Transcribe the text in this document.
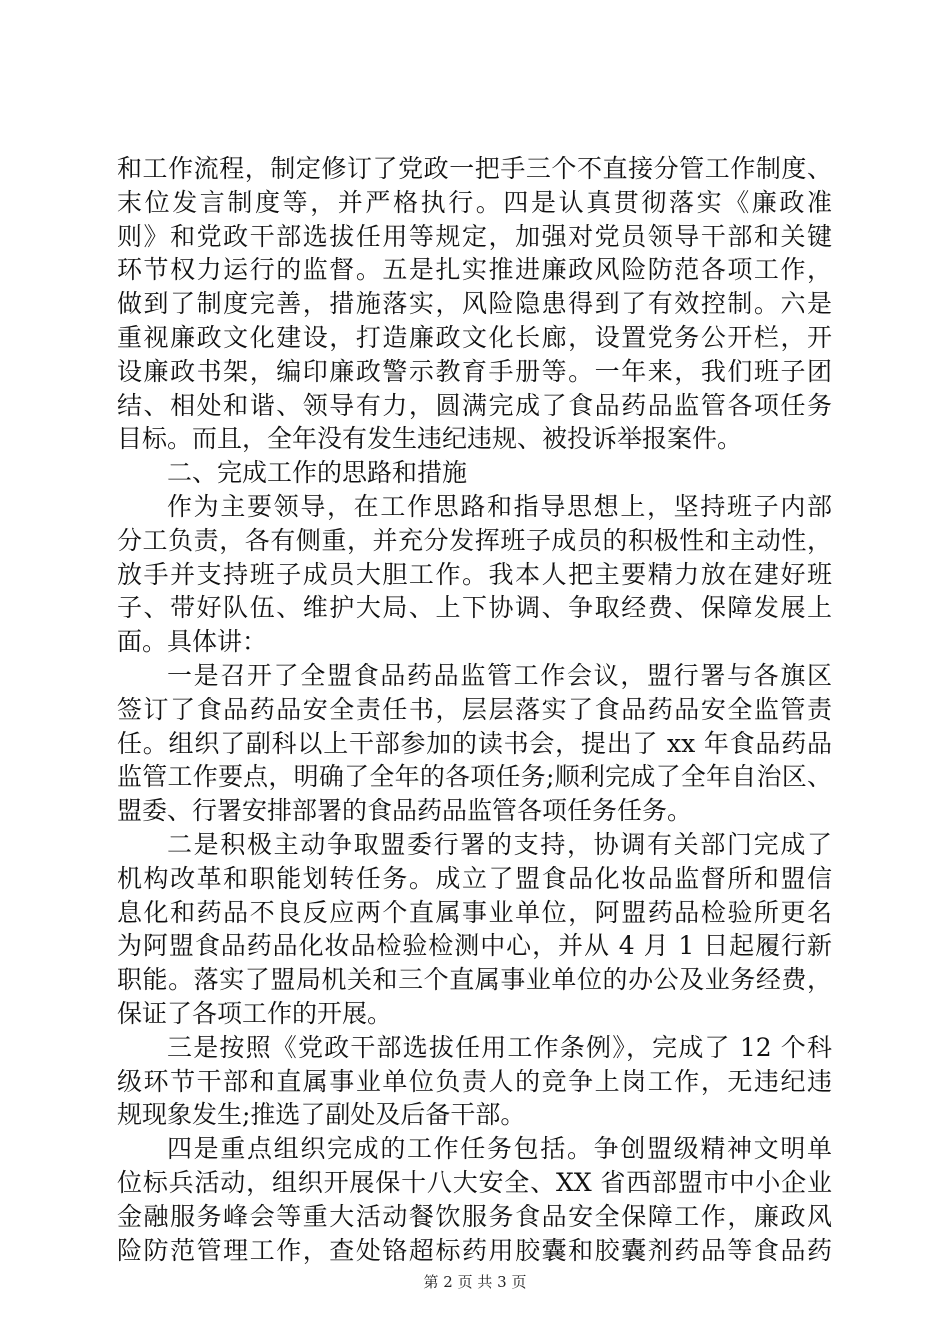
和工作流程，制定修订了党政一把手三个不直接分管工作制度、
末位发言制度等，并严格执行。四是认真贯彻落实《廉政准
则》和党政干部选拔任用等规定，加强对党员领导干部和关键
环节权力运行的监督。五是扎实推进廉政风险防范各项工作，
做到了制度完善，措施落实，风险隐患得到了有效控制。六是
重视廉政文化建设，打造廉政文化长廊，设置党务公开栏，开
设廉政书架，编印廉政警示教育手册等。一年来，我们班子团
结、相处和谐、领导有力，圆满完成了食品药品监管各项任务
目标。而且，全年没有发生违纪违规、被投诉举报案件。
二、完成工作的思路和措施
作为主要领导，在工作思路和指导思想上，坚持班子内部
分工负责，各有侧重，并充分发挥班子成员的积极性和主动性，
放手并支持班子成员大胆工作。我本人把主要精力放在建好班
子、带好队伍、维护大局、上下协调、争取经费、保障发展上
面。具体讲：
一是召开了全盟食品药品监管工作会议，盟行署与各旗区
签订了食品药品安全责任书，层层落实了食品药品安全监管责
任。组织了副科以上干部参加的读书会，提出了 xx 年食品药品
监管工作要点，明确了全年的各项任务;顺利完成了全年自治区、
盟委、行署安排部署的食品药品监管各项任务任务。
二是积极主动争取盟委行署的支持，协调有关部门完成了
机构改革和职能划转任务。成立了盟食品化妆品监督所和盟信
息化和药品不良反应两个直属事业单位，阿盟药品检验所更名
为阿盟食品药品化妆品检验检测中心，并从 4 月 1 日起履行新
职能。落实了盟局机关和三个直属事业单位的办公及业务经费，
保证了各项工作的开展。
三是按照《党政干部选拔任用工作条例》，完成了 12 个科
级环节干部和直属事业单位负责人的竞争上岗工作，无违纪违
规现象发生;推选了副处及后备干部。
四是重点组织完成的工作任务包括。争创盟级精神文明单
位标兵活动，组织开展保十八大安全、XX 省西部盟市中小企业
金融服务峰会等重大活动餐饮服务食品安全保障工作，廉政风
险防范管理工作，查处铬超标药用胶囊和胶囊剂药品等食品药
第 2 页 共 3 页
